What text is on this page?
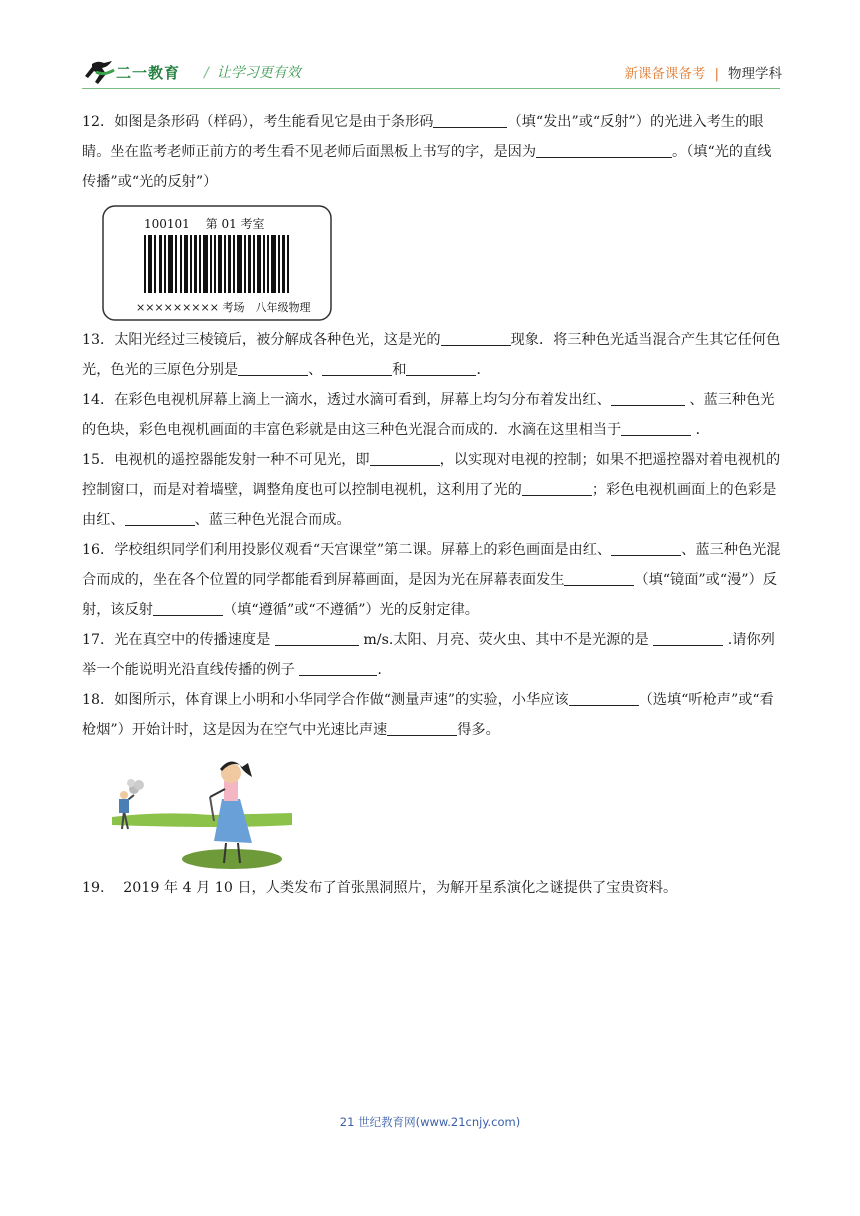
二一教育 / 让学习更有效	新课备课备考 | 物理学科

12．如图是条形码（样码），考生能看见它是由于条形码	（填“发出”或“反射”）的光进入考生的眼睛。坐在监考老师正前方的考生看不见老师后面黑板上书写的字，是因为	。（填“光的直线传播”或“光的反射”）

100101　 第 01 考室
××××××××× 考场　八年级物理

13．太阳光经过三棱镜后，被分解成各种色光，这是光的	现象．将三种色光适当混合产生其它任何色光，色光的三原色分别是	、	和	．

14．在彩色电视机屏幕上滴上一滴水，透过水滴可看到，屏幕上均匀分布着发出红、	、蓝三种色光的色块，彩色电视机画面的丰富色彩就是由这三种色光混合而成的．水滴在这里相当于	．

15．电视机的遥控器能发射一种不可见光，即	，以实现对电视的控制；如果不把遥控器对着电视机的控制窗口，而是对着墙壁，调整角度也可以控制电视机，这利用了光的	；彩色电视机画面上的色彩是由红、	、蓝三种色光混合而成。

16．学校组织同学们利用投影仪观看“天宫课堂”第二课。屏幕上的彩色画面是由红、	、蓝三种色光混合而成的，坐在各个位置的同学都能看到屏幕画面，是因为光在屏幕表面发生	（填“镜面”或“漫”）反射，该反射	（填“遵循”或“不遵循”）光的反射定律。

17．光在真空中的传播速度是	m/s.太阳、月亮、荧火虫、其中不是光源的是	.请你列举一个能说明光沿直线传播的例子	.

18．如图所示，体育课上小明和小华同学合作做“测量声速”的实验，小华应该	（选填“听枪声”或“看枪烟”）开始计时，这是因为在空气中光速比声速	得多。

19.　 2019 年 4 月 10 日，人类发布了首张黑洞照片，为解开星系演化之谜提供了宝贵资料。

21 世纪教育网(www.21cnjy.com)
